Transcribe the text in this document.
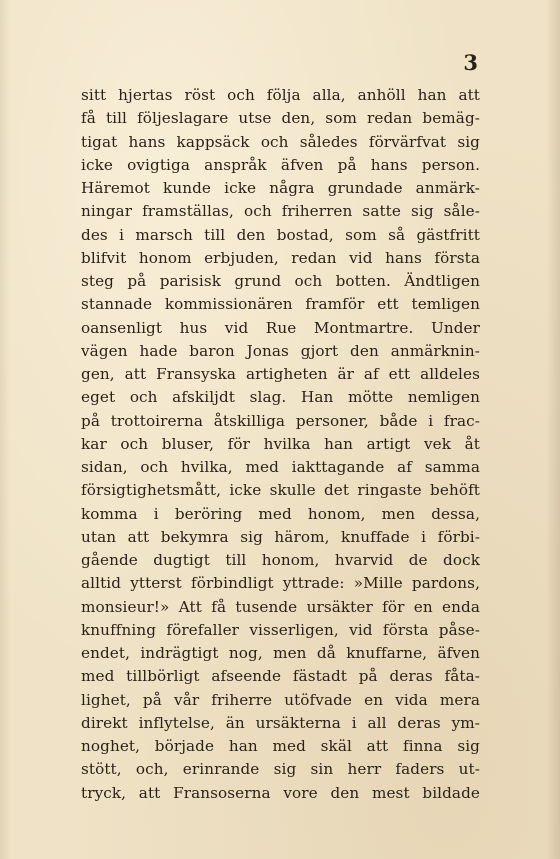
3
sitt hjertas röst och följa alla, anhöll han att
få till följeslagare utse den, som redan bemäg-
tigat hans kappsäck och således förvärfvat sig
icke ovigtiga anspråk äfven på hans person.
Häremot kunde icke några grundade anmärk-
ningar framställas, och friherren satte sig såle-
des i marsch till den bostad, som så gästfritt
blifvit honom erbjuden, redan vid hans första
steg på parisisk grund och botten. Ändtligen
stannade kommissionären framför ett temligen
oansenligt hus vid Rue Montmartre. Under
vägen hade baron Jonas gjort den anmärknin-
gen, att Fransyska artigheten är af ett alldeles
eget och afskiljdt slag. Han mötte nemligen
på trottoirerna åtskilliga personer, både i frac-
kar och bluser, för hvilka han artigt vek åt
sidan, och hvilka, med iakttagande af samma
försigtighetsmått, icke skulle det ringaste behöft
komma i beröring med honom, men dessa,
utan att bekymra sig härom, knuffade i förbi-
gående dugtigt till honom, hvarvid de dock
alltid ytterst förbindligt yttrade: »Mille pardons,
monsieur!» Att få tusende ursäkter för en enda
knuffning förefaller visserligen, vid första påse-
endet, indrägtigt nog, men då knuffarne, äfven
med tillbörligt afseende fästadt på deras fåta-
lighet, på vår friherre utöfvade en vida mera
direkt inflytelse, än ursäkterna i all deras ym-
noghet, började han med skäl att finna sig
stött, och, erinrande sig sin herr faders ut-
tryck, att Fransoserna vore den mest bildade
